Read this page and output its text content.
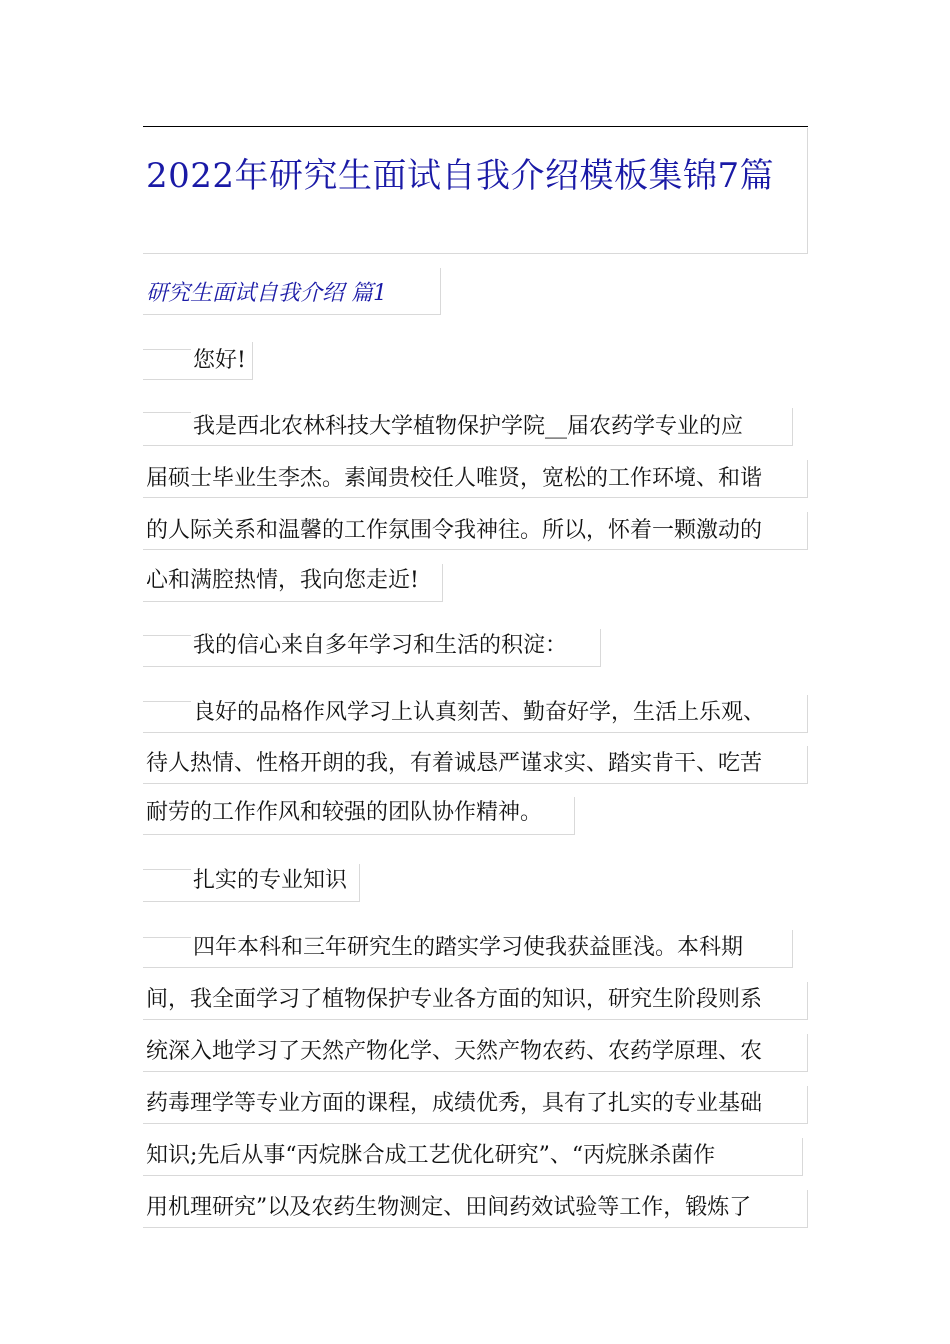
2022年研究生面试自我介绍模板集锦7篇
研究生面试自我介绍 篇1
您好!
我是西北农林科技大学植物保护学院__届农药学专业的应
届硕士毕业生李杰。素闻贵校任人唯贤，宽松的工作环境、和谐
的人际关系和温馨的工作氛围令我神往。所以，怀着一颗激动的
心和满腔热情，我向您走近!
我的信心来自多年学习和生活的积淀：
良好的品格作风学习上认真刻苦、勤奋好学，生活上乐观、
待人热情、性格开朗的我，有着诚恳严谨求实、踏实肯干、吃苦
耐劳的工作作风和较强的团队协作精神。
扎实的专业知识
四年本科和三年研究生的踏实学习使我获益匪浅。本科期
间，我全面学习了植物保护专业各方面的知识，研究生阶段则系
统深入地学习了天然产物化学、天然产物农药、农药学原理、农
药毒理学等专业方面的课程，成绩优秀，具有了扎实的专业基础
知识;先后从事“丙烷脒合成工艺优化研究”、“丙烷脒杀菌作
用机理研究”以及农药生物测定、田间药效试验等工作，锻炼了
